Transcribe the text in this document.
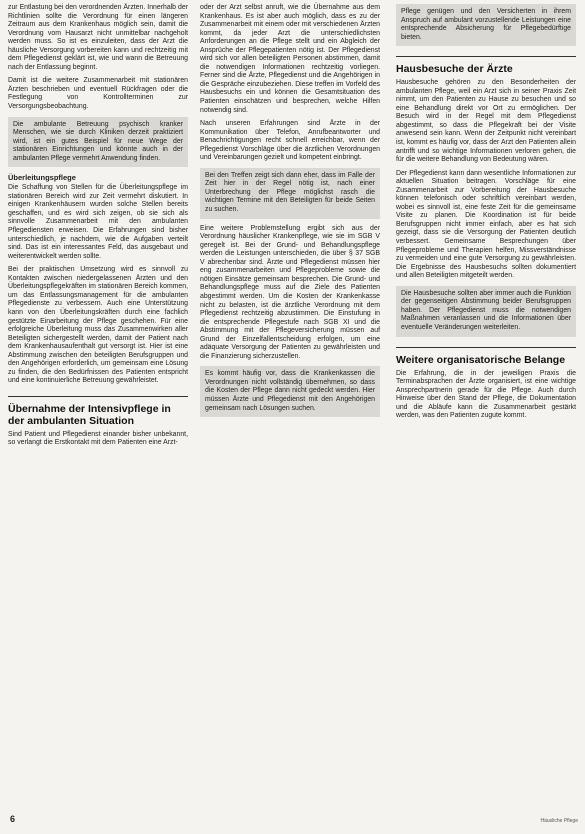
zur Entlastung bei den verordnenden Ärzten. Innerhalb der Richtlinien sollte die Verordnung für einen längeren Zeitraum aus dem Krankenhaus möglich sein, damit die Verordnung vom Hausarzt nicht unmittelbar nachgeholt werden muss. So ist es einzuleiten, dass der Arzt die häusliche Versorgung vorbereiten kann und rechtzeitig mit dem Pflegedienst geklärt ist, wie und wann die Betreuung nach der Entlassung beginnt.

Damit ist die weitere Zusammenarbeit mit stationären Ärzten beschrieben und eventuell Rückfragen oder die Festlegung von Kontrollterminen zur Versorgungsbeobachtung.

Die ambulante Betreuung psychisch kranker Menschen, wie sie durch Kliniken derzeit praktiziert wird, ist ein gutes Beispiel für neue Wege der stationären Einrichtungen und könnte auch in der ambulanten Pflege vermehrt Anwendung finden.

Überleitungspflege

Die Schaffung von Stellen für die Überleitungspflege im stationären Bereich wird zur Zeit vermehrt diskutiert. In einigen Krankenhäusern wurden solche Stellen bereits geschaffen, und es wird sich zeigen, ob sie sich als sinnvolle Zusammenarbeit mit den ambulanten Pflegediensten erweisen. Die Erfahrungen sind bisher unterschiedlich, je nachdem, wie die Aufgaben verteilt sind. Das ist ein interessantes Feld, das ausgebaut und weiterentwickelt werden sollte.

Bei der praktischen Umsetzung wird es sinnvoll zu Kontakten zwischen niedergelassenen Ärzten und den Überleitungspflegekräften im stationären Bereich kommen, um das Entlassungsmanagement für die ambulanten Pflegedienste zu verbessern. Auch eine Unterstützung kann von den Überleitungskräften durch eine fachlich gestützte Einarbeitung der Pflege geschehen. Für eine erfolgreiche Überleitung muss das Zusammenwirken aller Beteiligten sichergestellt werden, damit der Patient nach dem Krankenhausaufenthalt gut versorgt ist. Hier ist eine Abstimmung zwischen den beteiligten Berufsgruppen und den Angehörigen erforderlich, um gemeinsam eine Lösung zu finden, die den Bedürfnissen des Patienten entspricht und eine kontinuierliche Betreuung gewährleistet.

Übernahme der Intensivpflege in der ambulanten Situation

Sind Patient und Pflegedienst einander bisher unbekannt, so verlangt die Erstkontakt mit dem Patienten eine Arzt-

oder der Arzt selbst anruft, wie die Übernahme aus dem Krankenhaus. Es ist aber auch möglich, dass es zu der Zusammenarbeit mit einem oder mit verschiedenen Ärzten kommt, da jeder Arzt die unterschiedlichsten Anforderungen an die Pflege stellt und ein Abgleich der Ansprüche der Pflegepatienten nötig ist. Der Pflegedienst wird sich vor allen beteiligten Personen abstimmen, damit die notwendigen Informationen rechtzeitig vorliegen. Ferner sind die Ärzte, Pflegedienst und die Angehörigen in die Gespräche einzubeziehen. Diese treffen im Vorfeld des Hausbesuchs ein und können die Gesamtsituation des Patienten einschätzen und besprechen, welche Hilfen notwendig sind.

Nach unseren Erfahrungen sind Ärzte in der Kommunikation über Telefon, Anrufbeantworter und Benachrichtigungen recht schnell erreichbar, wenn der Pflegedienst Vorschläge über die ärztlichen Verordnungen und Vereinbarungen gezielt und kompetent einbringt.

Bei den Treffen zeigt sich dann eher, dass im Falle der Zeit hier in der Regel nötig ist, nach einer Unterbrechung der Pflege möglichst rasch die wichtigen Termine mit den Beteiligten für beide Seiten zu suchen.

Eine weitere Problemstellung ergibt sich aus der Verordnung häuslicher Krankenpflege, wie sie im SGB V geregelt ist. Bei der Grund- und Behandlungspflege werden die Leistungen unterschieden, die über § 37 SGB V abrechenbar sind. Ärzte und Pflegedienst müssen hier eng zusammenarbeiten und Pflegeprobleme sowie die nötigen Einsätze gemeinsam besprechen. Die Grund- und Behandlungspflege muss auf die Ziele des Patienten abgestimmt werden. Um die Kosten der Krankenkasse nicht zu belasten, ist die ärztliche Verordnung mit dem Pflegedienst rechtzeitig abzustimmen. Die Einstufung in die entsprechende Pflegestufe nach SGB XI und die Abstimmung mit der Pflegeversicherung müssen auf Grund der Einzelfallentscheidung erfolgen, um eine adäquate Versorgung der Patienten zu gewährleisten und die Finanzierung sicherzustellen.

Es kommt häufig vor, dass die Krankenkassen die Verordnungen nicht vollständig übernehmen, so dass die Kosten der Pflege dann nicht gedeckt werden. Hier müssen Ärzte und Pflegedienst mit den Angehörigen gemeinsam nach Lösungen suchen.

Pflege genügen und den Versicherten in ihrem Anspruch auf ambulant vorzustellende Leistungen eine entsprechende Absicherung für Pflegebedürftige bieten.

Hausbesuche der Ärzte

Hausbesuche gehören zu den Besonderheiten der ambulanten Pflege, weil ein Arzt sich in seiner Praxis Zeit nimmt, um den Patienten zu Hause zu besuchen und so eine Behandlung direkt vor Ort zu ermöglichen. Der Besuch wird in der Regel mit dem Pflegedienst abgestimmt, so dass die Pflegekraft bei der Visite anwesend sein kann. Wenn der Zeitpunkt nicht vereinbart ist, kommt es häufig vor, dass der Arzt den Patienten allein antrifft und so wichtige Informationen verloren gehen, die für die weitere Behandlung von Bedeutung wären.

Der Pflegedienst kann dann wesentliche Informationen zur aktuellen Situation beitragen. Vorschläge für eine Zusammenarbeit zur Vorbereitung der Hausbesuche können telefonisch oder schriftlich vereinbart werden, wobei es sinnvoll ist, eine feste Zeit für die gemeinsame Visite zu planen. Die Koordination ist für beide Berufsgruppen nicht immer einfach, aber es hat sich gezeigt, dass sie die Versorgung der Patienten deutlich verbessert. Gemeinsame Besprechungen über Pflegeprobleme und Therapien helfen, Missverständnisse zu vermeiden und eine gute Versorgung zu gewährleisten. Die Ergebnisse des Hausbesuchs sollten dokumentiert und allen Beteiligten mitgeteilt werden.

Die Hausbesuche sollten aber immer auch die Funktion der gegenseitigen Abstimmung beider Berufsgruppen haben. Der Pflegedienst muss die notwendigen Maßnahmen veranlassen und die Informationen über eventuelle Veränderungen weiterleiten.

Weitere organisatorische Belange

Die Erfahrung, die in der jeweiligen Praxis die Terminabsprachen der Ärzte organisiert, ist eine wichtige Ansprechpartnerin gerade für die Pflege. Auch durch Hinweise über den Stand der Pflege, die Dokumentation und die Abläufe kann die Zusammenarbeit gestärkt werden, was den Patienten zugute kommt.

6	Häusliche Pflege
